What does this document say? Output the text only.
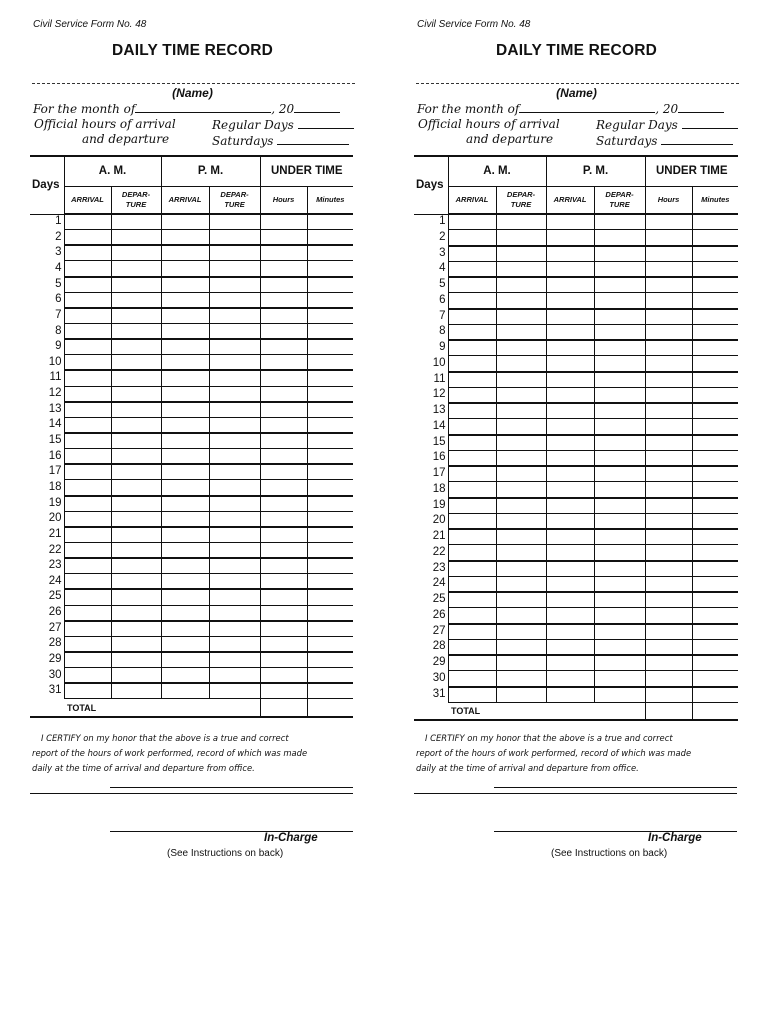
Civil Service Form No. 48
DAILY TIME RECORD
(Name)
For the month of	, 20
Official hours of arrival
and departure
Regular Days
Saturdays
Days	A. M.		P. M.		UNDER TIME	
	ARRIVAL	DEPAR- TURE	ARRIVAL	DEPAR- TURE	Hours	Minutes
1						
2						
3						
4						
5						
6						
7						
8						
9						
10						
11						
12						
13						
14						
15						
16						
17						
18						
19						
20						
21						
22						
23						
24						
25						
26						
27						
28						
29						
30						
31						
	TOTAL					
I CERTIFY on my honor that the above is a true and correct
report of the hours of work performed, record of which was made
daily at the time of arrival and departure from office.
In-Charge
(See Instructions on back)
Civil Service Form No. 48
DAILY TIME RECORD
(Name)
For the month of	, 20
Official hours of arrival
and departure
Regular Days
Saturdays
Days	A. M.		P. M.		UNDER TIME	
	ARRIVAL	DEPAR- TURE	ARRIVAL	DEPAR- TURE	Hours	Minutes
1						
2						
3						
4						
5						
6						
7						
8						
9						
10						
11						
12						
13						
14						
15						
16						
17						
18						
19						
20						
21						
22						
23						
24						
25						
26						
27						
28						
29						
30						
31						
	TOTAL					
I CERTIFY on my honor that the above is a true and correct
report of the hours of work performed, record of which was made
daily at the time of arrival and departure from office.
In-Charge
(See Instructions on back)
